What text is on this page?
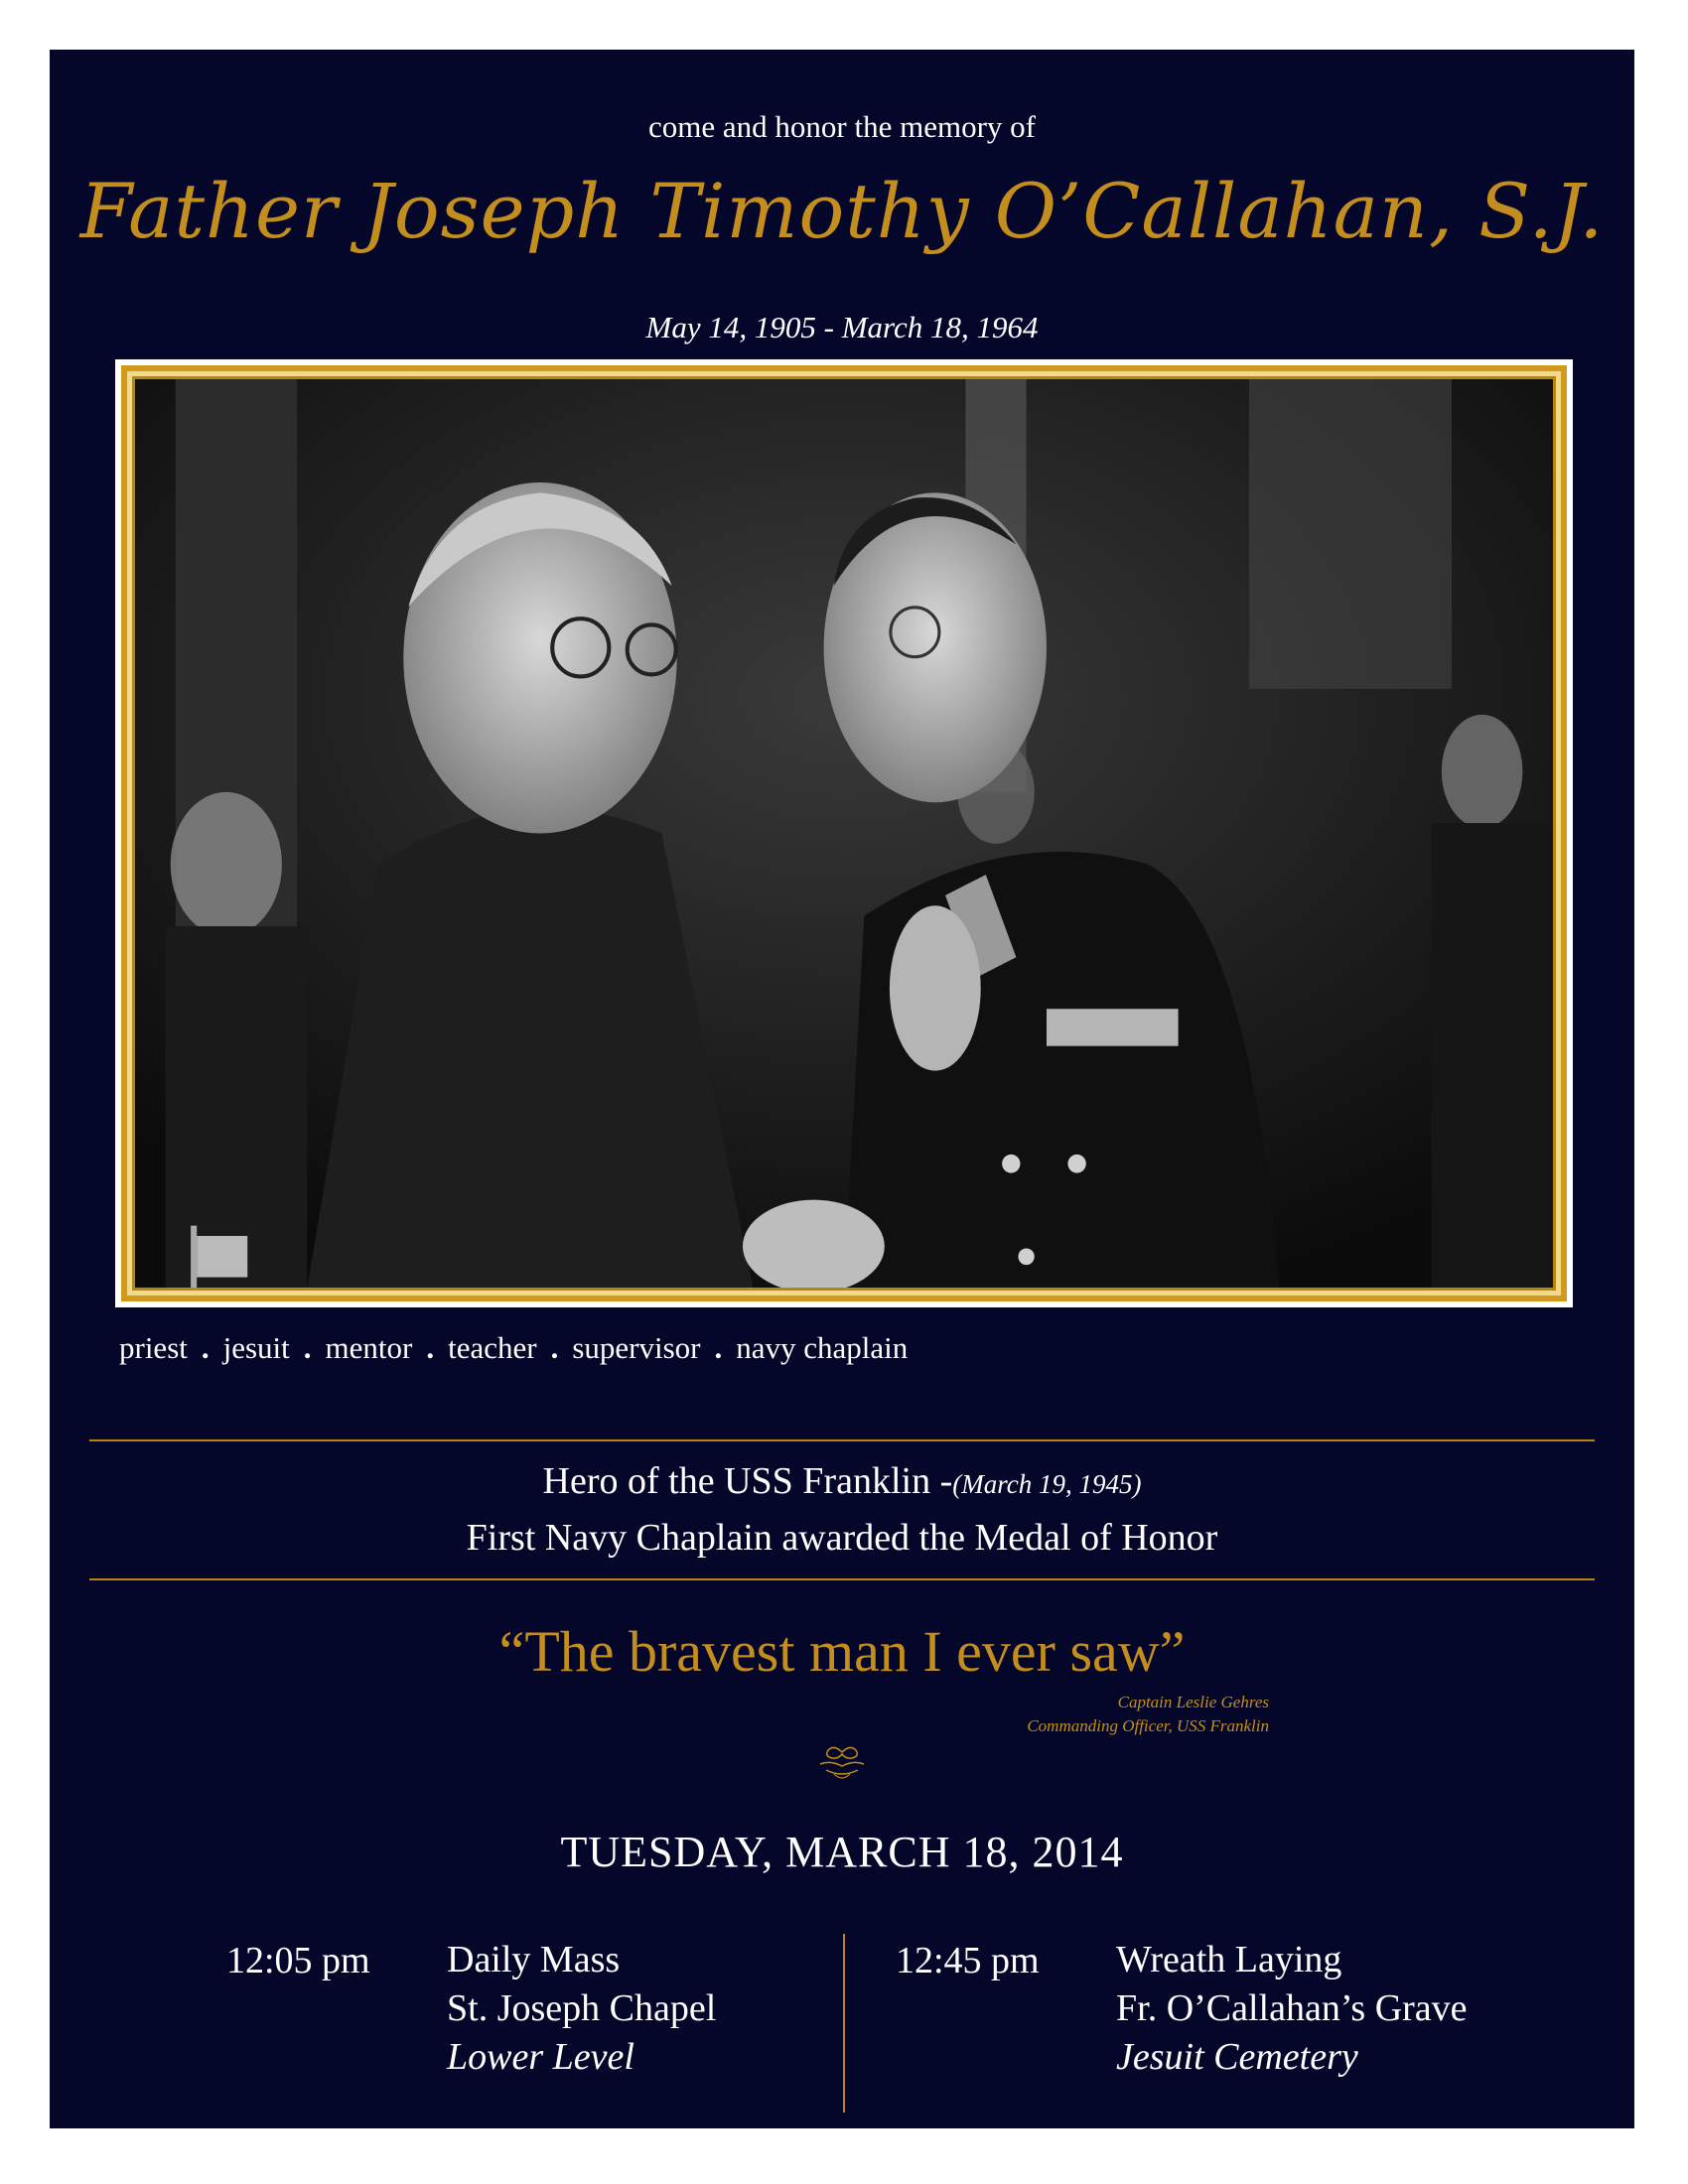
come and honor the memory of
Father Joseph Timothy O’Callahan, S.J.
May 14, 1905 - March 18, 1964
priest . jesuit . mentor . teacher . supervisor . navy chaplain
Hero of the USS Franklin -(March 19, 1945)
First Navy Chaplain awarded the Medal of Honor
“The bravest man I ever saw”
Captain Leslie Gehres
Commanding Officer, USS Franklin
TUESDAY, MARCH 18, 2014
12:05 pm Daily Mass
St. Joseph Chapel
Lower Level
12:45 pm Wreath Laying
Fr. O’Callahan’s Grave
Jesuit Cemetery
